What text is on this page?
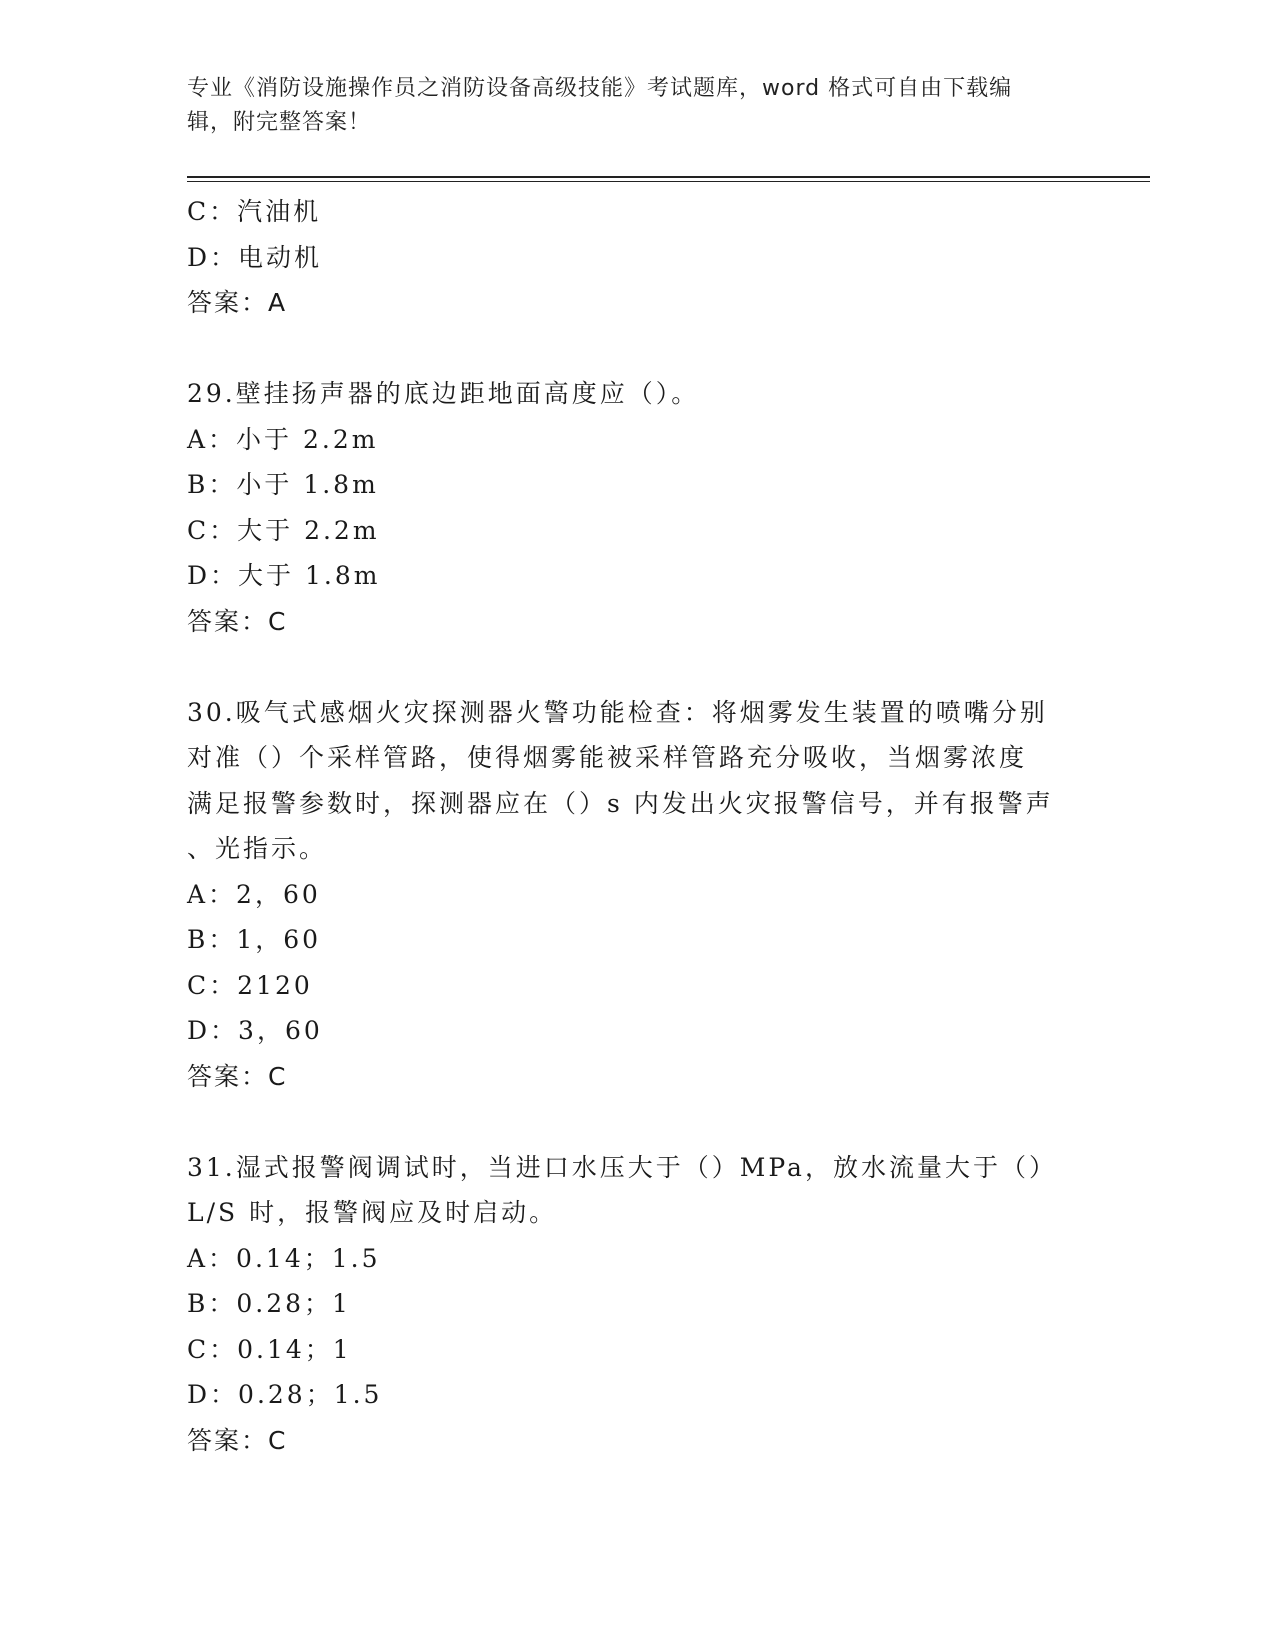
专业《消防设施操作员之消防设备高级技能》考试题库，word 格式可自由下载编
辑，附完整答案！
C：汽油机
D：电动机
答案：A
29.壁挂扬声器的底边距地面高度应（）。
A：小于 2.2m
B：小于 1.8m
C：大于 2.2m
D：大于 1.8m
答案：C
30.吸气式感烟火灾探测器火警功能检查：将烟雾发生装置的喷嘴分别
对准（）个采样管路，使得烟雾能被采样管路充分吸收，当烟雾浓度
满足报警参数时，探测器应在（）s 内发出火灾报警信号，并有报警声
、光指示。
A：2，60
B：1，60
C：2120
D：3，60
答案：C
31.湿式报警阀调试时，当进口水压大于（）MPa，放水流量大于（）
L/S 时，报警阀应及时启动。
A：0.14；1.5
B：0.28；1
C：0.14；1
D：0.28；1.5
答案：C
